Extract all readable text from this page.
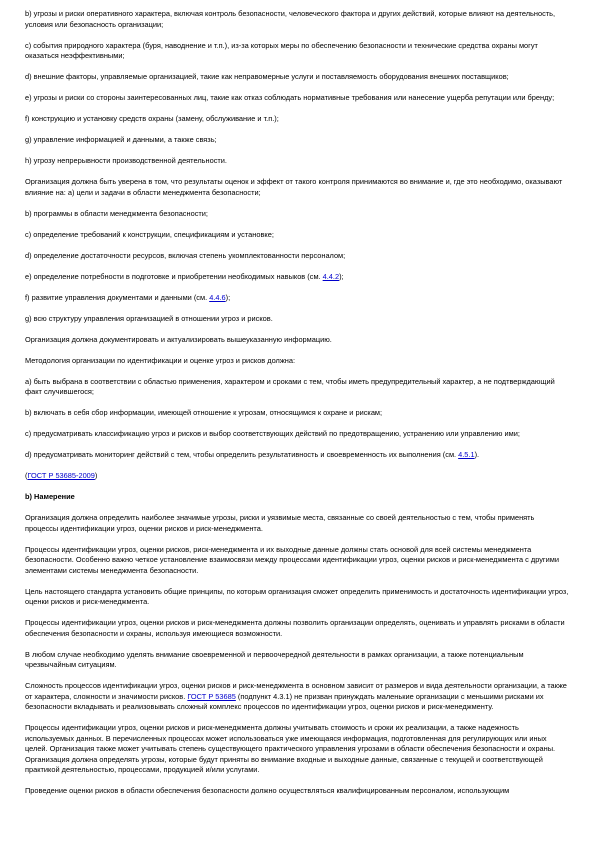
b) угрозы и риски оперативного характера, включая контроль безопасности, человеческого фактора и других действий, которые влияют на деятельность, условия или безопасность организации;
c) события природного характера (буря, наводнение и т.п.), из-за которых меры по обеспечению безопасности и технические средства охраны могут оказаться неэффективными;
d) внешние факторы, управляемые организацией, такие как неправомерные услуги и поставляемость оборудования внешних поставщиков;
e) угрозы и риски со стороны заинтересованных лиц, такие как отказ соблюдать нормативные требования или нанесение ущерба репутации или бренду;
f) конструкцию и установку средств охраны (замену, обслуживание и т.п.);
g) управление информацией и данными, а также связь;
h) угрозу непрерывности производственной деятельности.

Организация должна быть уверена в том, что результаты оценок и эффект от такого контроля принимаются во внимание и, где это необходимо, оказывают влияние на: a) цели и задачи в области менеджмента безопасности;

b) программы в области менеджмента безопасности;
c) определение требований к конструкции, спецификациям и установке;
d) определение достаточности ресурсов, включая степень укомплектованности персоналом;
e) определение потребности в подготовке и приобретении необходимых навыков (см. 4.4.2);
f) развитие управления документами и данными (см. 4.4.6);
g) всю структуру управления организацией в отношении угроз и рисков.

Организация должна документировать и актуализировать вышеуказанную информацию.

Методология организации по идентификации и оценке угроз и рисков должна:

a) быть выбрана в соответствии с областью применения, характером и сроками с тем, чтобы иметь предупредительный характер, а не подтверждающий факт случившегося;
b) включать в себя сбор информации, имеющей отношение к угрозам, относящимся к охране и рискам;
c) предусматривать классификацию угроз и рисков и выбор соответствующих действий по предотвращению, устранению или управлению ими;
d) предусматривать мониторинг действий с тем, чтобы определить результативность и своевременность их выполнения (см. 4.5.1).
(ГОСТ Р 53685-2009)
b) Намерение

Организация должна определить наиболее значимые угрозы, риски и уязвимые места, связанные со своей деятельностью с тем, чтобы применять процессы идентификации угроз, оценки рисков и риск-менеджмента.

Процессы идентификации угроз, оценки рисков, риск-менеджмента и их выходные данные должны стать основой для всей системы менеджмента безопасности. Особенно важно четкое установление взаимосвязи между процессами идентификации угроз, оценки рисков и риск-менеджмента с другими элементами системы менеджмента безопасности.

Цель настоящего стандарта установить общие принципы, по которым организация сможет определить применимость и достаточность идентификации угроз, оценки рисков и риск-менеджмента.

Процессы идентификации угроз, оценки рисков и риск-менеджмента должны позволить организации определять, оценивать и управлять рисками в области обеспечения безопасности и охраны, используя имеющиеся возможности.

В любом случае необходимо уделять внимание своевременной и первоочередной деятельности в рамках организации, а также потенциальным чрезвычайным ситуациям.

Сложность процессов идентификации угроз, оценки рисков и риск-менеджмента в основном зависит от размеров и вида деятельности организации, а также от характера, сложности и значимости рисков. ГОСТ Р 53685 (подпункт 4.3.1) не призван принуждать маленькие организации с меньшими рисками их безопасности вкладывать и реализовывать сложный комплекс процессов по идентификации угроз, оценки рисков и риск-менеджменту.

Процессы идентификации угроз, оценки рисков и риск-менеджмента должны учитывать стоимость и сроки их реализации, а также надежность используемых данных. В перечисленных процессах может использоваться уже имеющаяся информация, подготовленная для регулирующих или иных целей. Организация также может учитывать степень существующего практического управления угрозами в области обеспечения безопасности и охраны. Организация должна определять угрозы, которые будут приняты во внимание входные и выходные данные, связанные с текущей и соответствующей практикой деятельностью, процессами, продукцией и/или услугами.

Проведение оценки рисков в области обеспечения безопасности должно осуществляться квалифицированным персоналом, использующим
